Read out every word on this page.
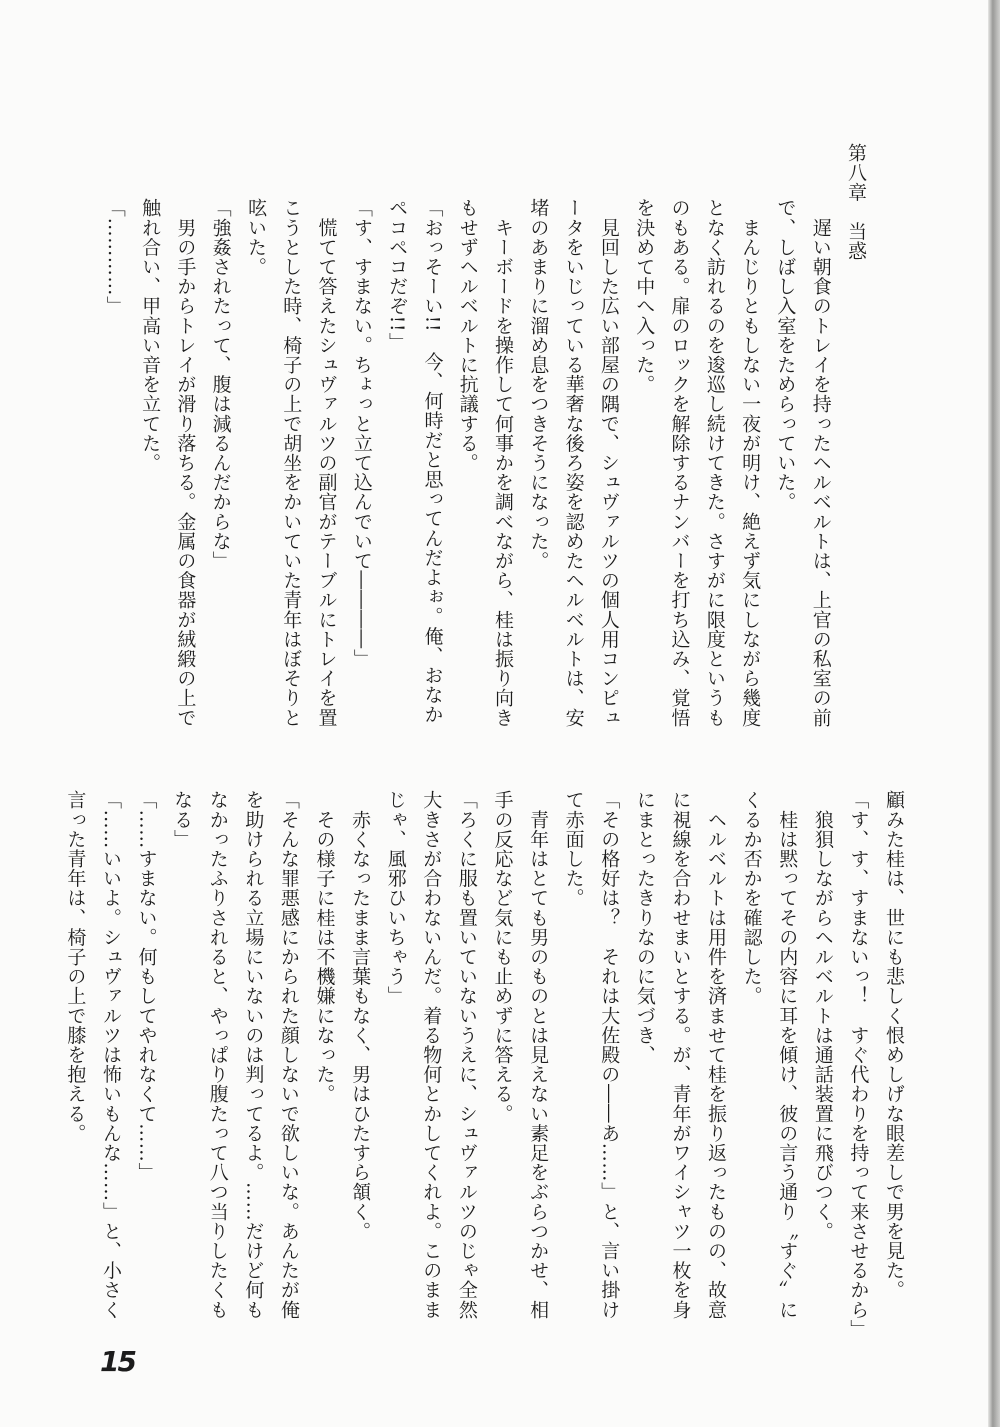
第八章　当惑

　遅い朝食のトレイを持ったヘルベルトは、上官の私室の前
で、しばし入室をためらっていた。
　まんじりともしない一夜が明け、絶えず気にしながら幾度
となく訪れるのを逡巡し続けてきた。さすがに限度というも
のもある。扉のロックを解除するナンバーを打ち込み、覚悟
を決めて中へ入った。
　見回した広い部屋の隅で、シュヴァルツの個人用コンピュ
ータをいじっている華奢な後ろ姿を認めたヘルベルトは、安
堵のあまりに溜め息をつきそうになった。
　キーボードを操作して何事かを調べながら、桂は振り向き
もせずヘルベルトに抗議する。
「おっそーい!!　今、何時だと思ってんだよぉ。俺、おなか
ペコペコだぞ!!」
「す、すまない。ちょっと立て込んでいて――――」
　慌てて答えたシュヴァルツの副官がテーブルにトレイを置
こうとした時、椅子の上で胡坐をかいていた青年はぼそりと
呟いた。
「強姦されたって、腹は減るんだからな」
　男の手からトレイが滑り落ちる。金属の食器が絨緞の上で
触れ合い、甲高い音を立てた。
「…………」
顧みた桂は、世にも悲しく恨めしげな眼差しで男を見た。
「す、す、すまないっ！　すぐ代わりを持って来させるから」
　狼狽しながらヘルベルトは通話装置に飛びつく。
　桂は黙ってその内容に耳を傾け、彼の言う通り〝すぐ〟に
くるか否かを確認した。
　ヘルベルトは用件を済ませて桂を振り返ったものの、故意
に視線を合わせまいとする。が、青年がワイシャツ一枚を身
にまとったきりなのに気づき、
「その格好は？　それは大佐殿の――あ……」と、言い掛け
て赤面した。
　青年はとても男のものとは見えない素足をぶらつかせ、相
手の反応など気にも止めずに答える。
「ろくに服も置いていないうえに、シュヴァルツのじゃ全然
大きさが合わないんだ。着る物何とかしてくれよ。このまま
じゃ、風邪ひいちゃう」
　赤くなったまま言葉もなく、男はひたすら頷く。
　その様子に桂は不機嫌になった。
「そんな罪悪感にかられた顔しないで欲しいな。あんたが俺
を助けられる立場にいないのは判ってるよ。……だけど何も
なかったふりされると、やっぱり腹たって八つ当りしたくも
なる」
「……すまない。何もしてやれなくて……」
「……いいよ。シュヴァルツは怖いもんな……」と、小さく
言った青年は、椅子の上で膝を抱える。
15
